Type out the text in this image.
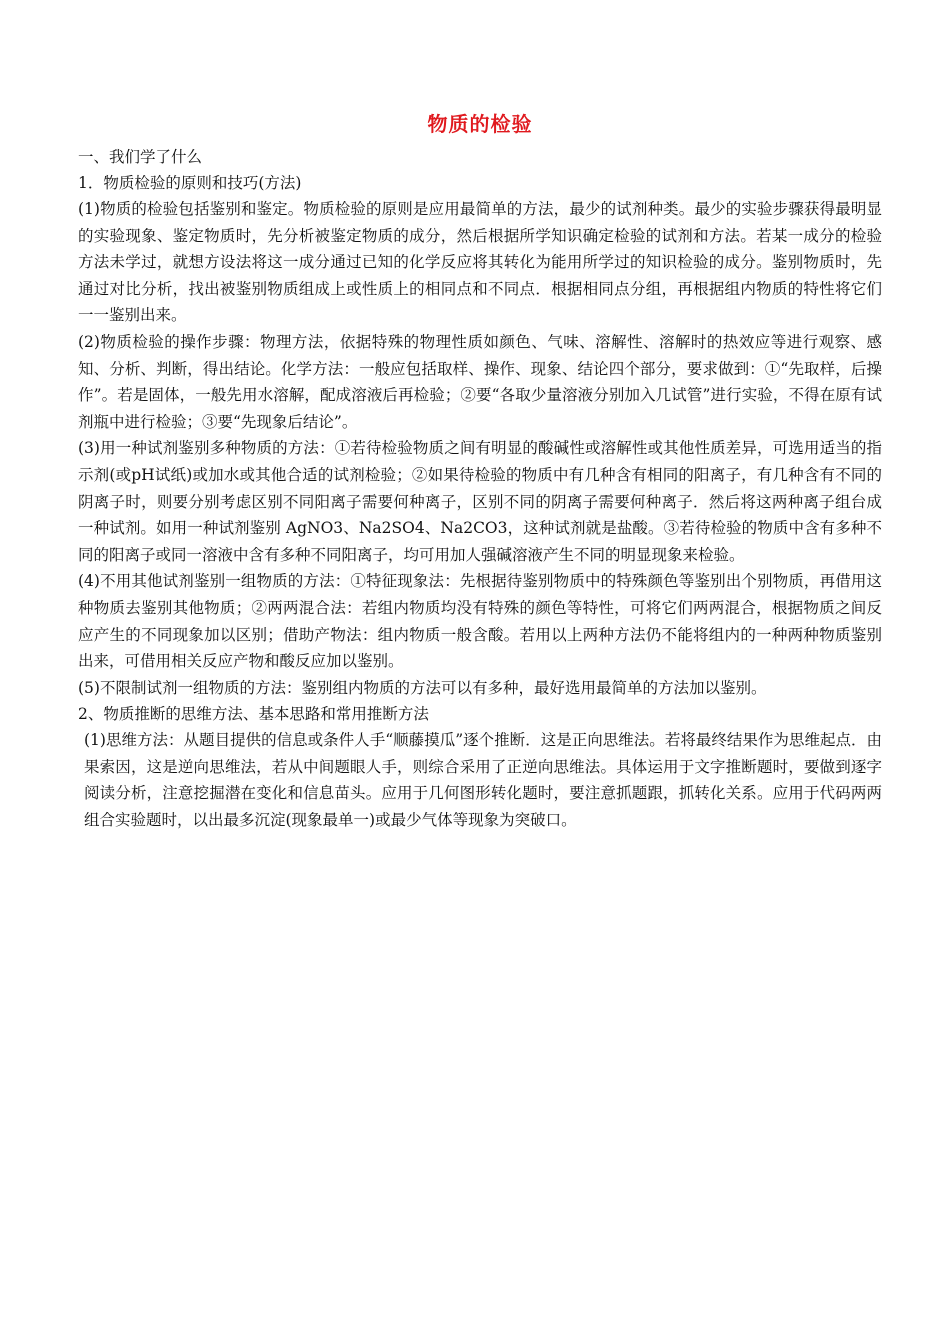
物质的检验

一、我们学了什么

1．物质检验的原则和技巧(方法)

(1)物质的检验包括鉴别和鉴定。物质检验的原则是应用最简单的方法，最少的试剂种类。最少的实验步骤获得最明显的实验现象、鉴定物质时，先分析被鉴定物质的成分，然后根据所学知识确定检验的试剂和方法。若某一成分的检验方法未学过，就想方设法将这一成分通过已知的化学反应将其转化为能用所学过的知识检验的成分。鉴别物质时，先通过对比分析，找出被鉴别物质组成上或性质上的相同点和不同点．根据相同点分组，再根据组内物质的特性将它们一一鉴别出来。

(2)物质检验的操作步骤：物理方法，依据特殊的物理性质如颜色、气味、溶解性、溶解时的热效应等进行观察、感知、分析、判断，得出结论。化学方法：一般应包括取样、操作、现象、结论四个部分，要求做到：①“先取样，后操作”。若是固体，一般先用水溶解，配成溶液后再检验；②要“各取少量溶液分别加入几试管”进行实验，不得在原有试剂瓶中进行检验；③要“先现象后结论”。

(3)用一种试剂鉴别多种物质的方法：①若待检验物质之间有明显的酸碱性或溶解性或其他性质差异，可选用适当的指示剂(或pH试纸)或加水或其他合适的试剂检验；②如果待检验的物质中有几种含有相同的阳离子，有几种含有不同的阴离子时，则要分别考虑区别不同阳离子需要何种离子，区别不同的阴离子需要何种离子．然后将这两种离子组台成一种试剂。如用一种试剂鉴别 AgNO3、Na2SO4、Na2CO3，这种试剂就是盐酸。③若待检验的物质中含有多种不同的阳离子或同一溶液中含有多种不同阳离子，均可用加人强碱溶液产生不同的明显现象来检验。

(4)不用其他试剂鉴别一组物质的方法：①特征现象法：先根据待鉴别物质中的特殊颜色等鉴别出个别物质，再借用这种物质去鉴别其他物质；②两两混合法：若组内物质均没有特殊的颜色等特性，可将它们两两混合，根据物质之间反应产生的不同现象加以区别；借助产物法：组内物质一般含酸。若用以上两种方法仍不能将组内的一种两种物质鉴别出来，可借用相关反应产物和酸反应加以鉴别。

(5)不限制试剂一组物质的方法：鉴别组内物质的方法可以有多种，最好选用最简单的方法加以鉴别。

2、物质推断的思维方法、基本思路和常用推断方法

(1)思维方法：从题目提供的信息或条件人手“顺藤摸瓜”逐个推断．这是正向思维法。若将最终结果作为思维起点．由果索因，这是逆向思维法，若从中间题眼人手，则综合采用了正逆向思维法。具体运用于文字推断题时，要做到逐字阅读分析，注意挖掘潜在变化和信息苗头。应用于几何图形转化题时，要注意抓题跟，抓转化关系。应用于代码两两组合实验题时，以出最多沉淀(现象最单一)或最少气体等现象为突破口。
